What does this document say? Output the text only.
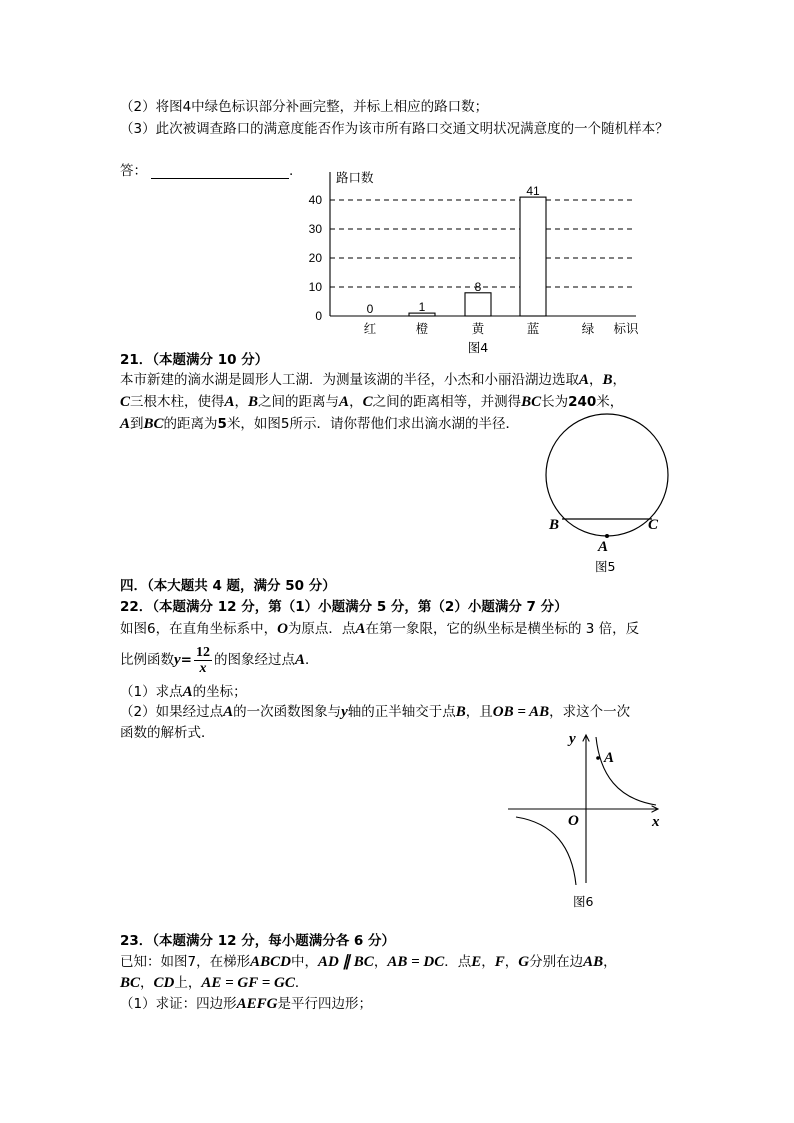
（2）将图4中绿色标识部分补画完整，并标上相应的路口数；
（3）此次被调查路口的满意度能否作为该市所有路口交通文明状况满意度的一个随机样本？
答：	.
0
10
20
30
40
路口数
0
红
1
橙
8
黄
41
蓝	绿 标识
图4
21．（本题满分 10 分）
本市新建的滴水湖是圆形人工湖．为测量该湖的半径，小杰和小丽沿湖边选取A，B，
C三根木柱，使得A，B之间的距离与A，C之间的距离相等，并测得BC长为240米，
A到BC的距离为5米，如图5所示．请你帮他们求出滴水湖的半径．
B	C
A
图5
四．（本大题共 4 题，满分 50 分）
22．（本题满分 12 分，第（1）小题满分 5 分，第（2）小题满分 7 分）
如图6，在直角坐标系中，O为原点．点A在第一象限，它的纵坐标是横坐标的 3 倍，反
比例函数$y= \frac{12}{x}$ 的图象经过点A．
（1）求点A的坐标；
（2）如果经过点A的一次函数图象与y轴的正半轴交于点B，且OB = AB，求这个一次
函数的解析式．	y
A
O	x
图6
23．（本题满分 12 分，每小题满分各 6 分）
已知：如图7，在梯形ABCD中，AD ∥ BC，AB = DC．点E，F，G分别在边AB，
BC，CD上，AE = GF = GC．
（1）求证：四边形AEFG是平行四边形；
